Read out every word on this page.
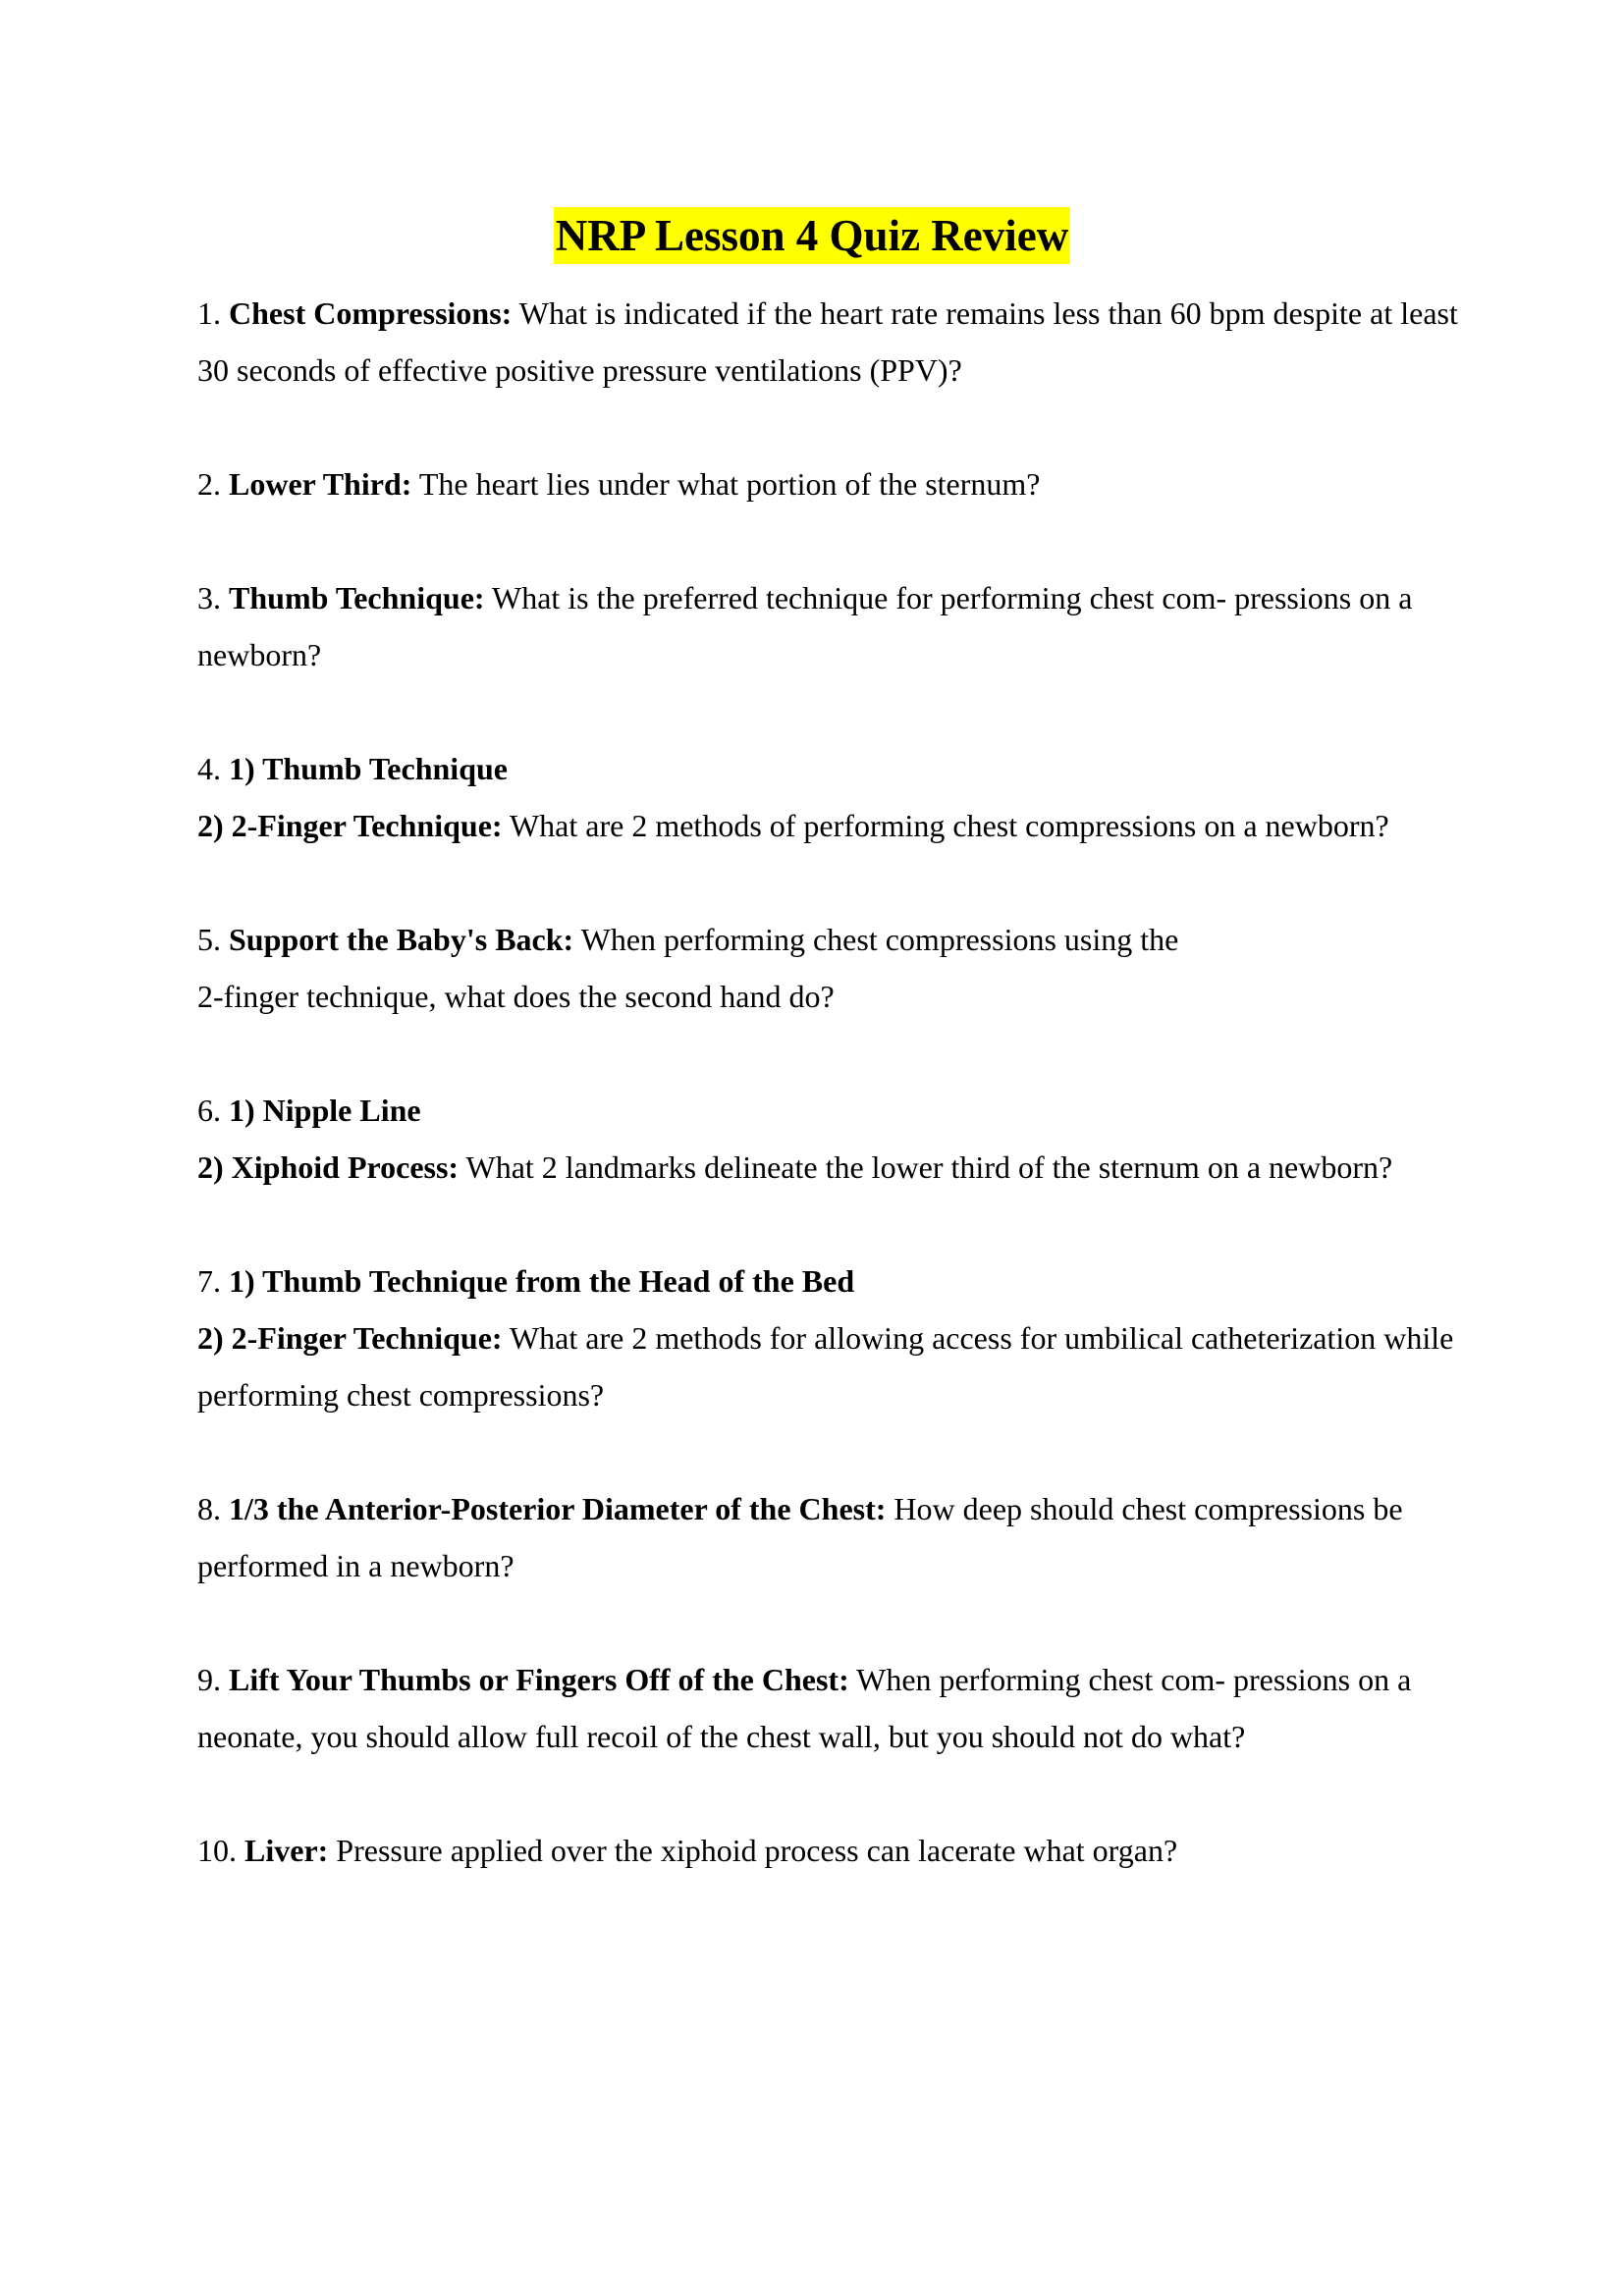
NRP Lesson 4 Quiz Review

1. Chest Compressions: What is indicated if the heart rate remains less than 60 bpm despite at least 30 seconds of effective positive pressure ventilations (PPV)?

2. Lower Third: The heart lies under what portion of the sternum?

3. Thumb Technique: What is the preferred technique for performing chest com- pressions on a newborn?

4. 1) Thumb Technique

2) 2-Finger Technique: What are 2 methods of performing chest compressions on a newborn?

5. Support the Baby's Back: When performing chest compressions using the

2-finger technique, what does the second hand do?

6. 1) Nipple Line

2) Xiphoid Process: What 2 landmarks delineate the lower third of the sternum on a newborn?

7. 1) Thumb Technique from the Head of the Bed

2) 2-Finger Technique: What are 2 methods for allowing access for umbilical catheterization while performing chest compressions?

8. 1/3 the Anterior-Posterior Diameter of the Chest: How deep should chest compressions be performed in a newborn?

9. Lift Your Thumbs or Fingers Off of the Chest: When performing chest com- pressions on a neonate, you should allow full recoil of the chest wall, but you should not do what?

10. Liver: Pressure applied over the xiphoid process can lacerate what organ?
